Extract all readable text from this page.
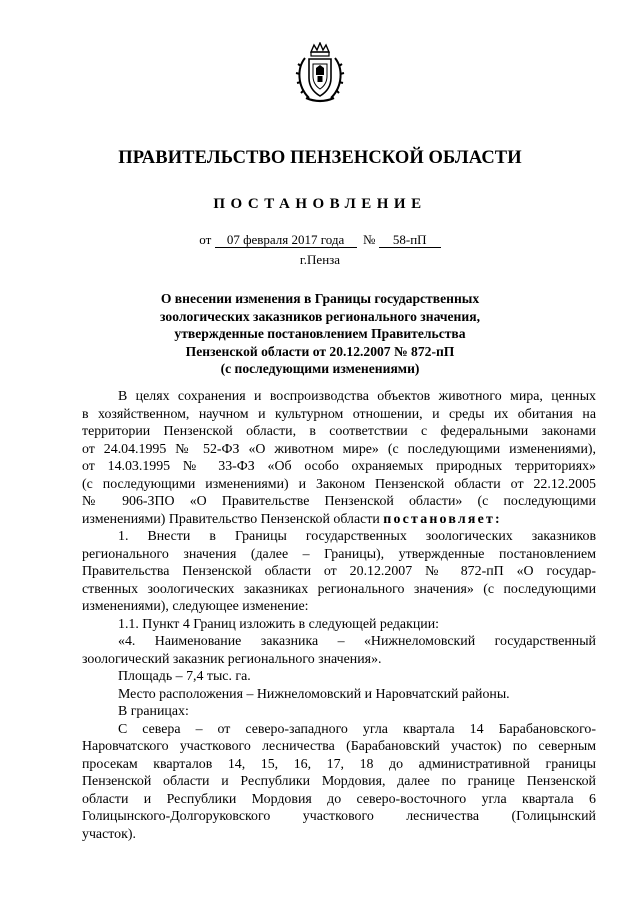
ПРАВИТЕЛЬСТВО ПЕНЗЕНСКОЙ ОБЛАСТИ
ПОСТАНОВЛЕНИЕ
от 07 февраля 2017 года № 58-пП
г.Пенза
О внесении изменения в Границы государственных
зоологических заказников регионального значения,
утвержденные постановлением Правительства
Пензенской области от 20.12.2007 № 872-пП
(с последующими изменениями)
В целях сохранения и воспроизводства объектов животного мира, ценных
в хозяйственном, научном и культурном отношении, и среды их обитания на
территории Пензенской области, в соответствии с федеральными законами
от 24.04.1995 № 52-ФЗ «О животном мире» (с последующими изменениями),
от 14.03.1995 № 33-ФЗ «Об особо охраняемых природных территориях»
(с последующими изменениями) и Законом Пензенской области от 22.12.2005
№ 906-ЗПО «О Правительстве Пензенской области» (с последующими
изменениями) Правительство Пензенской области постановляет:
1. Внести в Границы государственных зоологических заказников
регионального значения (далее – Границы), утвержденные постановлением
Правительства Пензенской области от 20.12.2007 № 872-пП «О государ-
ственных зоологических заказниках регионального значения» (с последующими
изменениями), следующее изменение:
1.1. Пункт 4 Границ изложить в следующей редакции:
«4. Наименование заказника – «Нижнеломовский государственный
зоологический заказник регионального значения».
Площадь – 7,4 тыс. га.
Место расположения – Нижнеломовский и Наровчатский районы.
В границах:
С севера – от северо-западного угла квартала 14 Барабановского-
Наровчатского участкового лесничества (Барабановский участок) по северным
просекам кварталов 14, 15, 16, 17, 18 до административной границы
Пензенской области и Республики Мордовия, далее по границе Пензенской
области и Республики Мордовия до северо-восточного угла квартала 6
Голицынского-Долгоруковского участкового лесничества (Голицынский
участок).
